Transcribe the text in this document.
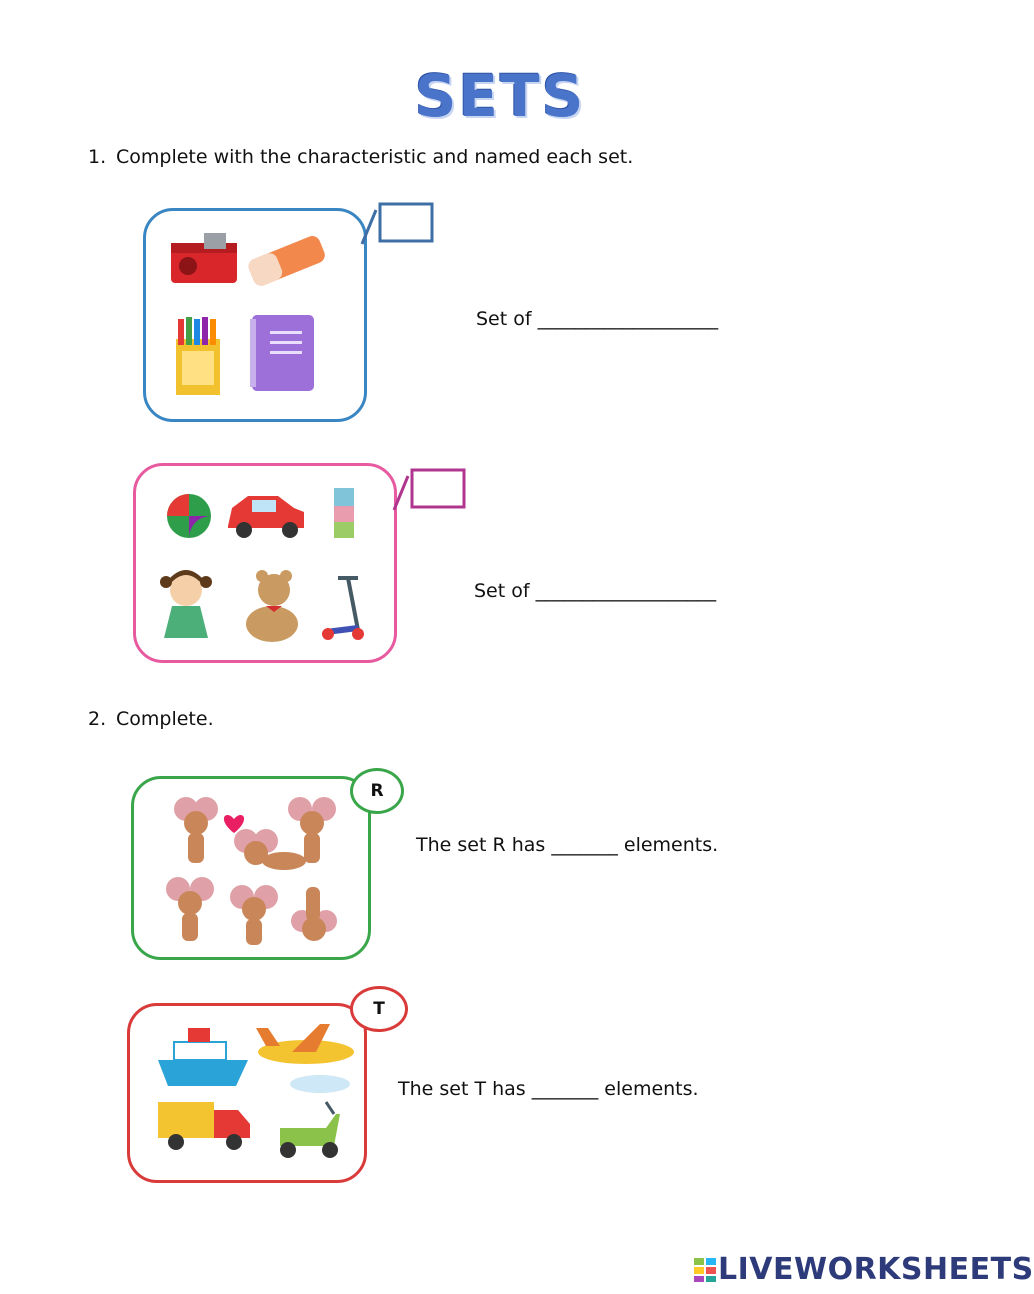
SETS
1. Complete with the characteristic and named each set.
Set of ___________________
Set of ___________________
2. Complete.
R
The set R has _______ elements.
T
The set T has _______ elements.
LIVEWORKSHEETS
